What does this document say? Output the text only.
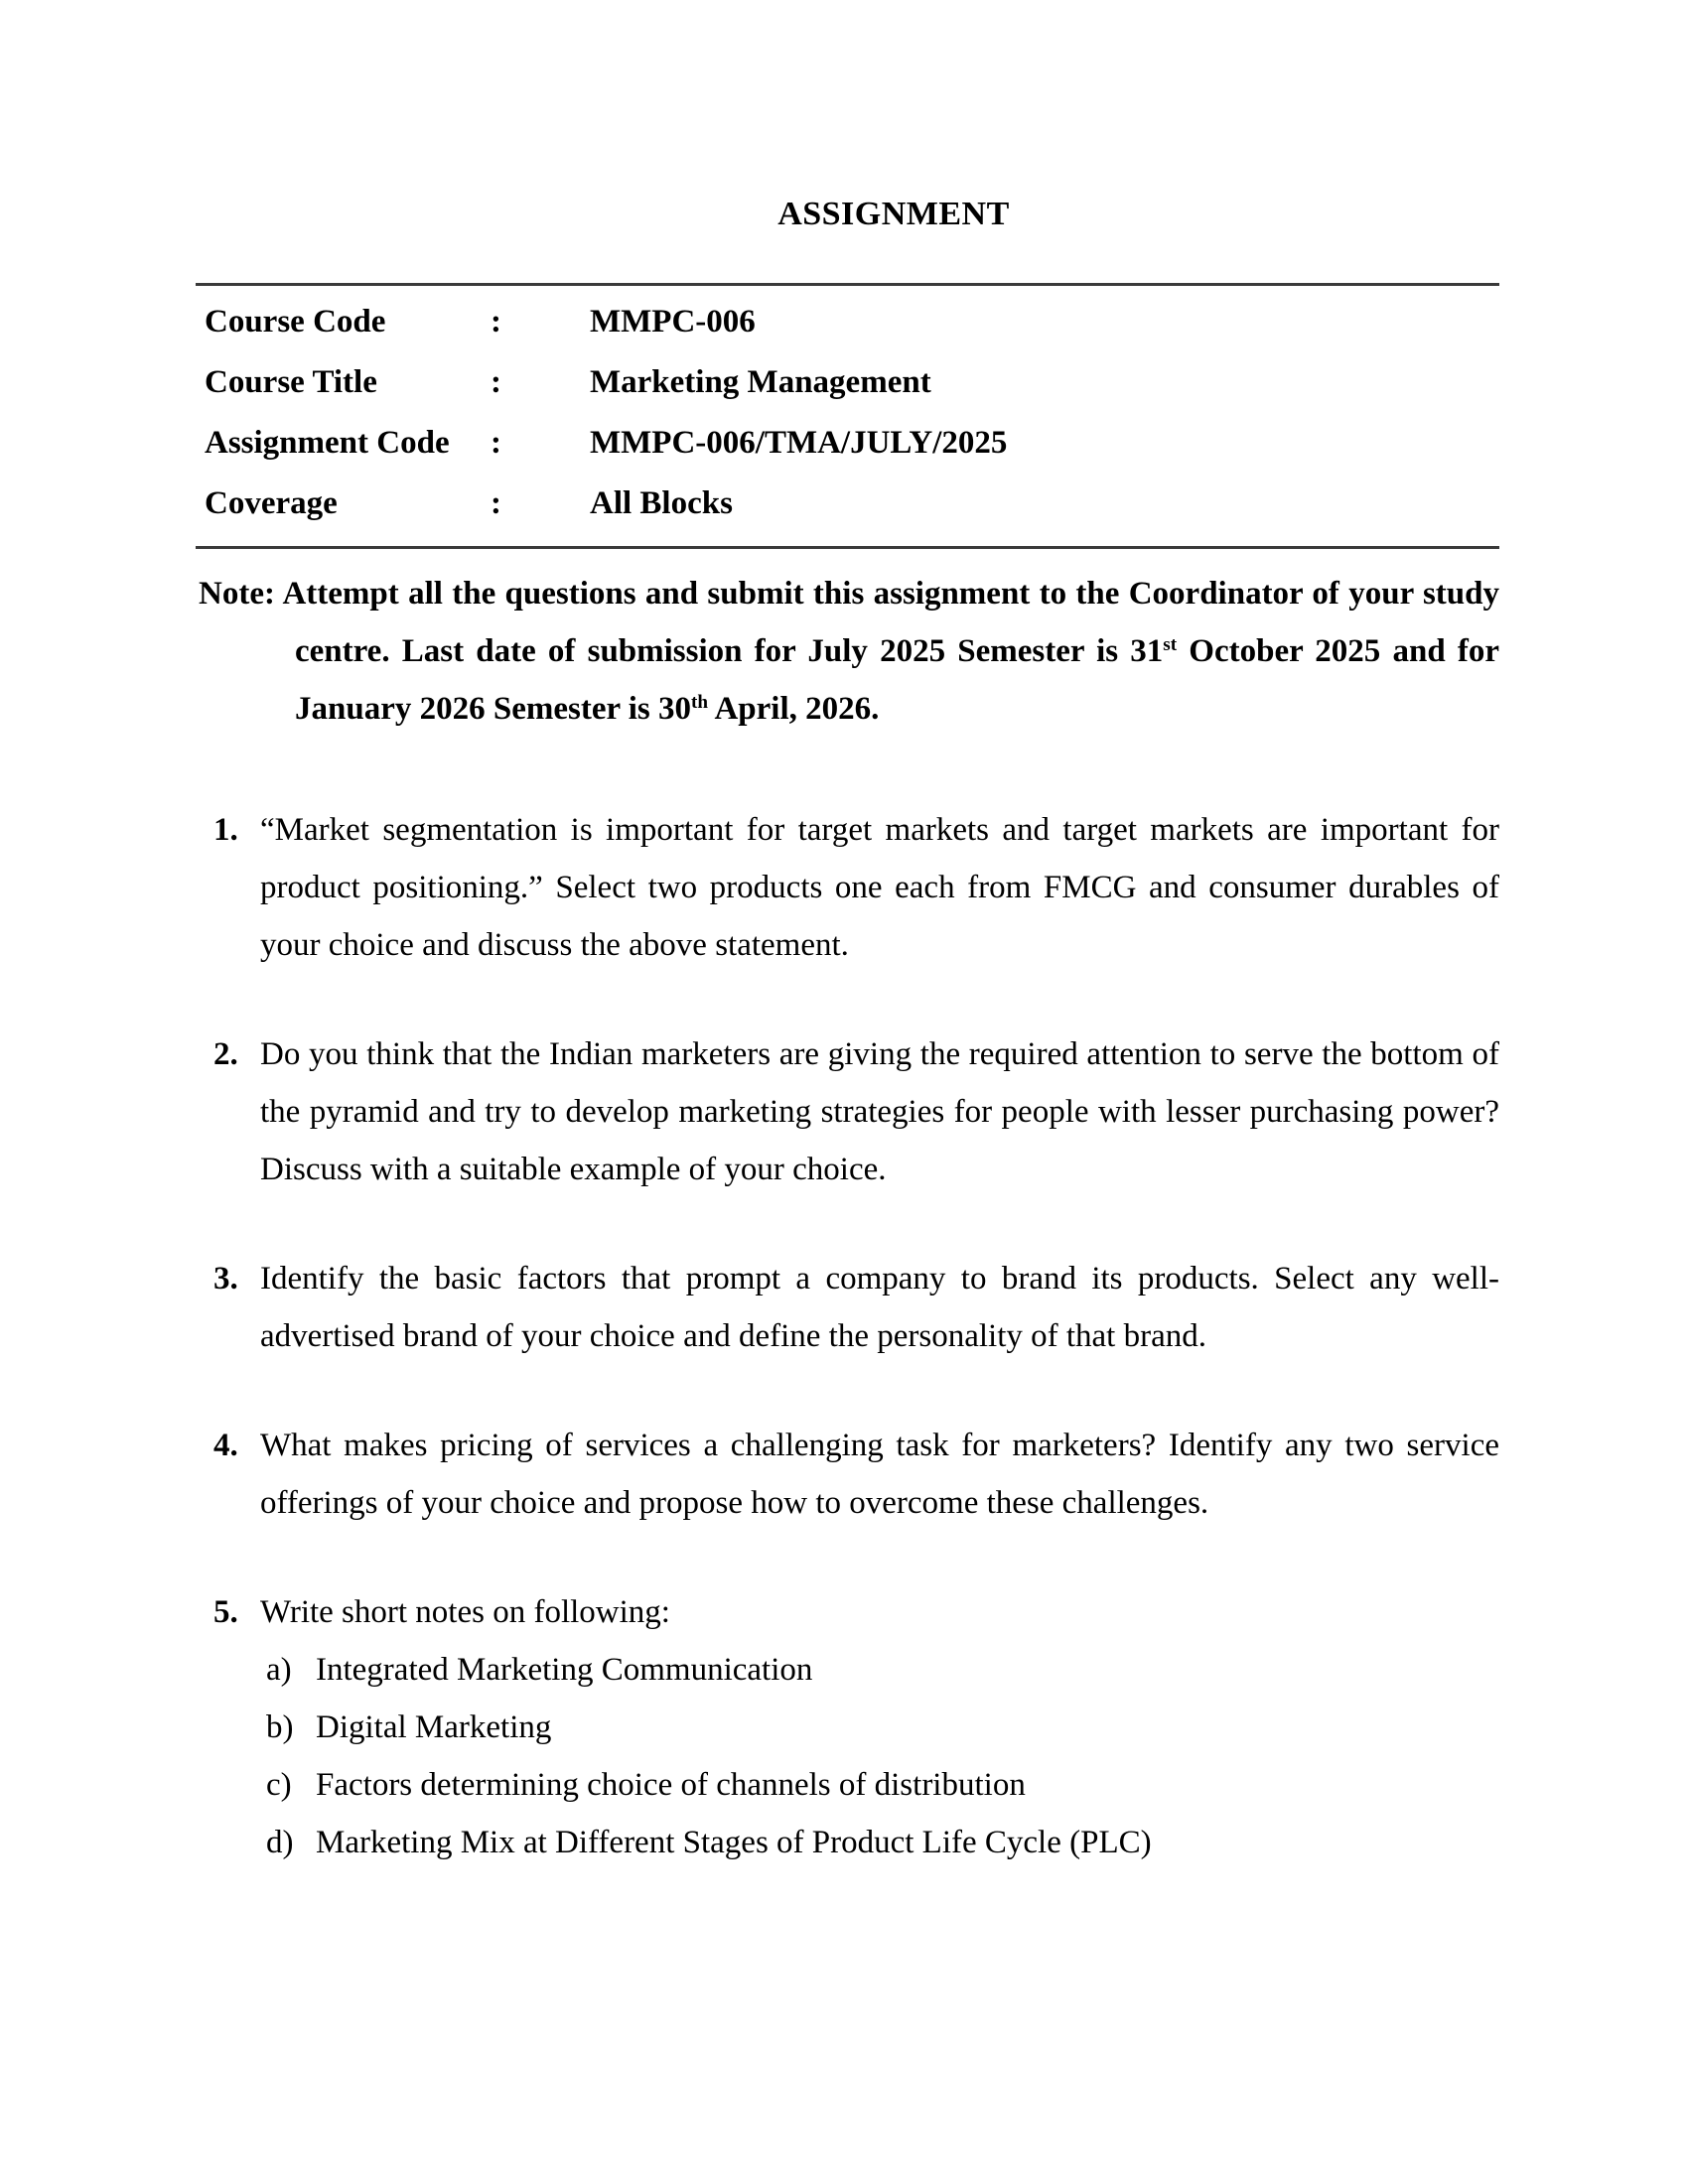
ASSIGNMENT
Course Code	:	MMPC-006
Course Title	:	Marketing Management
Assignment Code	:	MMPC-006/TMA/JULY/2025
Coverage	:	All Blocks

Note: Attempt all the questions and submit this assignment to the Coordinator of your study centre. Last date of submission for July 2025 Semester is 31st October 2025 and for January 2026 Semester is 30th April, 2026.

1. “Market segmentation is important for target markets and target markets are important for product positioning.” Select two products one each from FMCG and consumer durables of your choice and discuss the above statement.
2. Do you think that the Indian marketers are giving the required attention to serve the bottom of the pyramid and try to develop marketing strategies for people with lesser purchasing power? Discuss with a suitable example of your choice.
3. Identify the basic factors that prompt a company to brand its products. Select any well-advertised brand of your choice and define the personality of that brand.
4. What makes pricing of services a challenging task for marketers? Identify any two service offerings of your choice and propose how to overcome these challenges.
5. Write short notes on following:
a) Integrated Marketing Communication
b) Digital Marketing
c) Factors determining choice of channels of distribution
d) Marketing Mix at Different Stages of Product Life Cycle (PLC)
